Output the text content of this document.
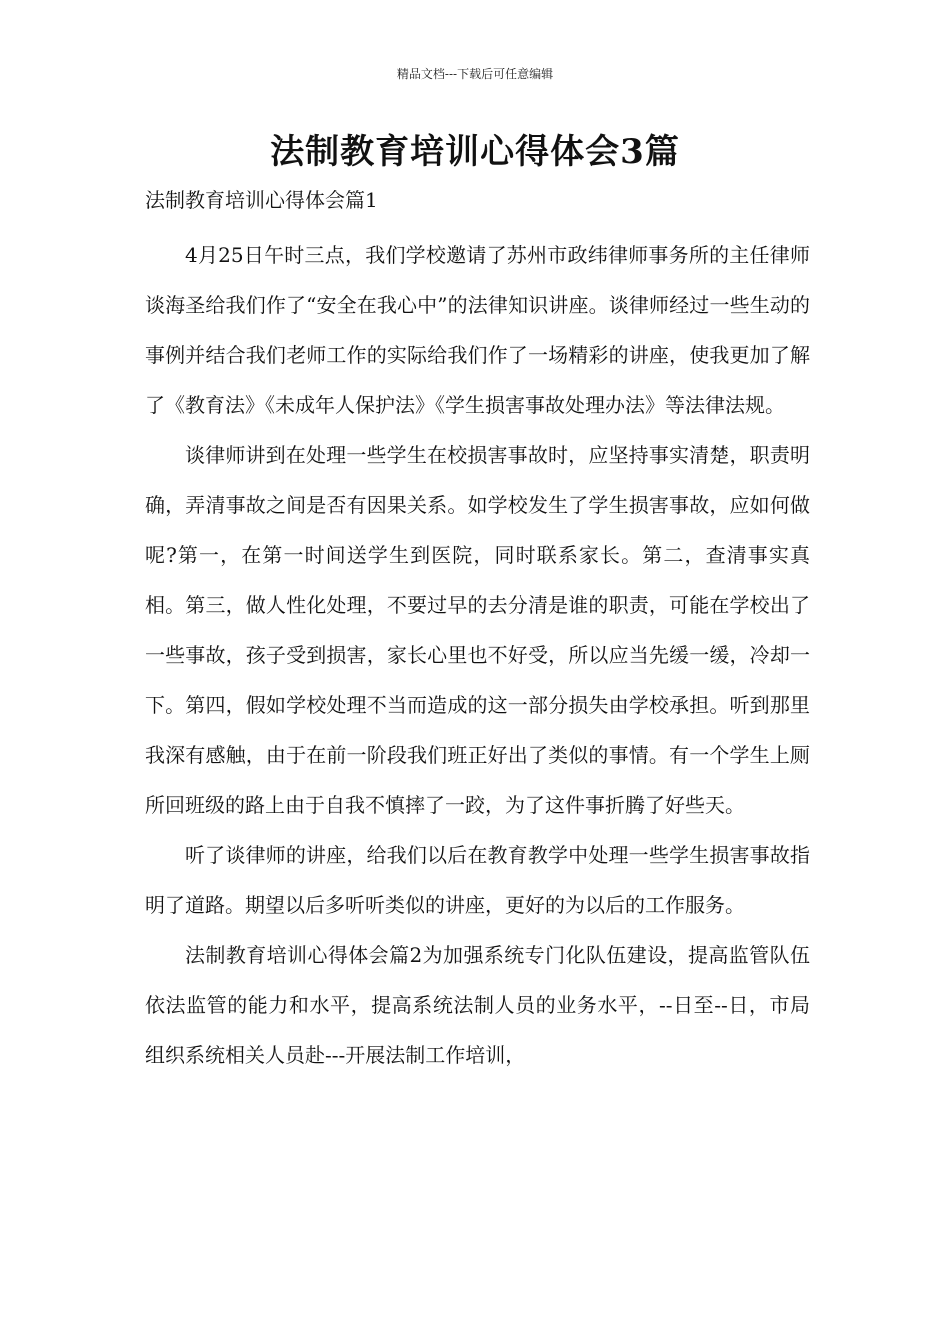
精品文档---下载后可任意编辑
法制教育培训心得体会3篇
法制教育培训心得体会篇1

4月25日午时三点，我们学校邀请了苏州市政纬律师事务所的主任律师谈海圣给我们作了“安全在我心中”的法律知识讲座。谈律师经过一些生动的事例并结合我们老师工作的实际给我们作了一场精彩的讲座，使我更加了解了《教育法》《未成年人保护法》《学生损害事故处理办法》等法律法规。

谈律师讲到在处理一些学生在校损害事故时，应坚持事实清楚，职责明确，弄清事故之间是否有因果关系。如学校发生了学生损害事故，应如何做呢?第一，在第一时间送学生到医院，同时联系家长。第二，查清事实真相。第三，做人性化处理，不要过早的去分清是谁的职责，可能在学校出了一些事故，孩子受到损害，家长心里也不好受，所以应当先缓一缓，冷却一下。第四，假如学校处理不当而造成的这一部分损失由学校承担。听到那里我深有感触，由于在前一阶段我们班正好出了类似的事情。有一个学生上厕所回班级的路上由于自我不慎摔了一跤，为了这件事折腾了好些天。

听了谈律师的讲座，给我们以后在教育教学中处理一些学生损害事故指明了道路。期望以后多听听类似的讲座，更好的为以后的工作服务。

法制教育培训心得体会篇2为加强系统专门化队伍建设，提高监管队伍依法监管的能力和水平，提高系统法制人员的业务水平，--日至--日，市局组织系统相关人员赴---开展法制工作培训，
